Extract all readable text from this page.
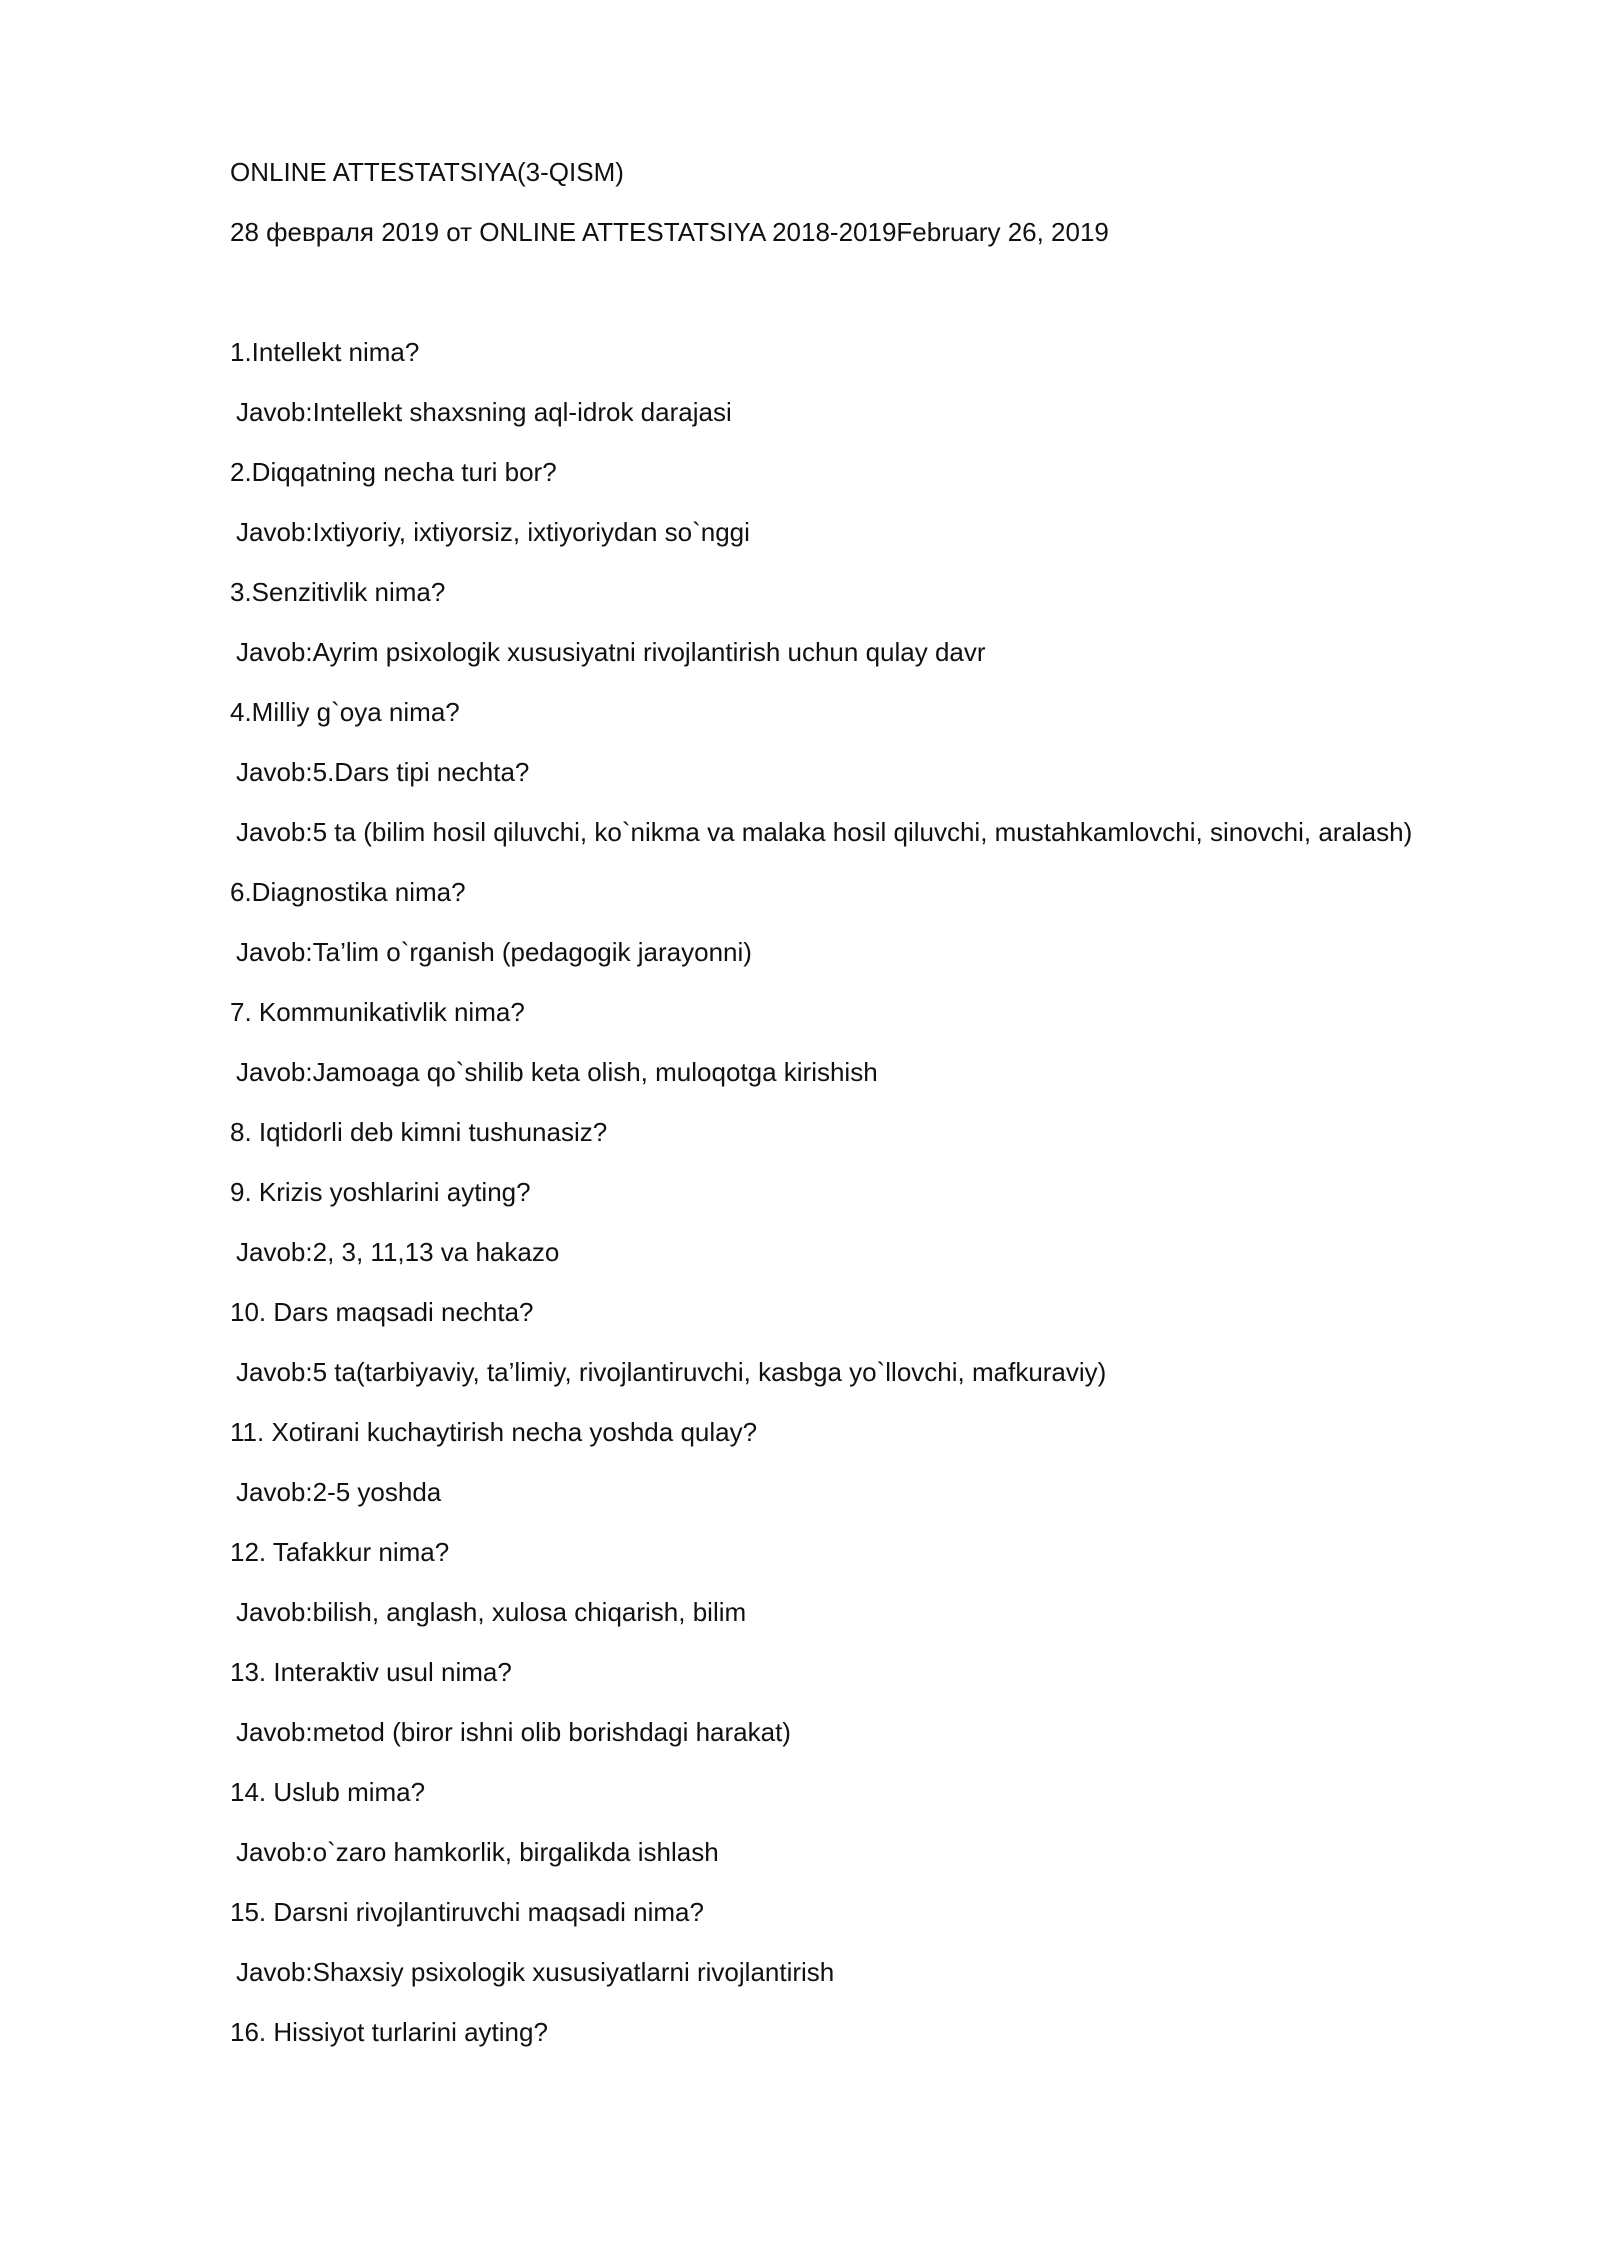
ONLINE ATTESTATSIYA(3-QISM)
28 февраля 2019 от ONLINE ATTESTATSIYA 2018-2019February 26, 2019
1.Intellekt nima?
Javob:Intellekt shaxsning aql-idrok darajasi
2.Diqqatning necha turi bor?
Javob:Ixtiyoriy, ixtiyorsiz, ixtiyoriydan so`nggi
3.Senzitivlik nima?
Javob:Ayrim psixologik xususiyatni rivojlantirish uchun qulay davr
4.Milliy g`oya nima?
Javob:5.Dars tipi nechta?
Javob:5 ta (bilim hosil qiluvchi, ko`nikma va malaka hosil qiluvchi, mustahkamlovchi, sinovchi, aralash)
6.Diagnostika nima?
Javob:Ta’lim o`rganish (pedagogik jarayonni)
7. Kommunikativlik nima?
Javob:Jamoaga qo`shilib keta olish, muloqotga kirishish
8. Iqtidorli deb kimni tushunasiz?
9. Krizis yoshlarini ayting?
Javob:2, 3, 11,13 va hakazo
10. Dars maqsadi nechta?
Javob:5 ta(tarbiyaviy, ta’limiy, rivojlantiruvchi, kasbga yo`llovchi, mafkuraviy)
11. Xotirani kuchaytirish necha yoshda qulay?
Javob:2-5 yoshda
12. Tafakkur nima?
Javob:bilish, anglash, xulosa chiqarish, bilim
13. Interaktiv usul nima?
Javob:metod (biror ishni olib borishdagi harakat)
14. Uslub mima?
Javob:o`zaro hamkorlik, birgalikda ishlash
15. Darsni rivojlantiruvchi maqsadi nima?
Javob:Shaxsiy psixologik xususiyatlarni rivojlantirish
16. Hissiyot turlarini ayting?
